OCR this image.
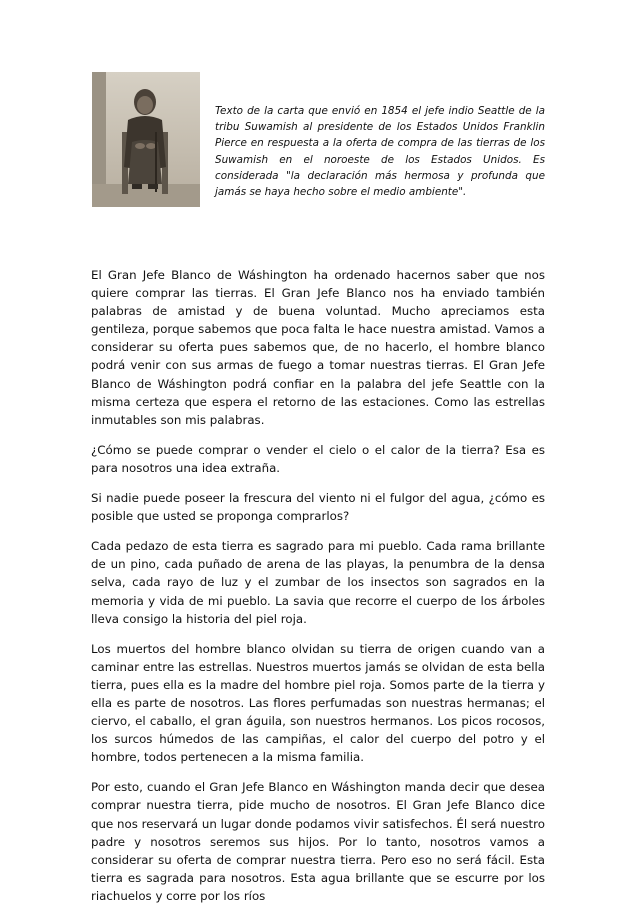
Texto de la carta que envió en 1854 el jefe indio Seattle de la tribu Suwamish al presidente de los Estados Unidos Franklin Pierce en respuesta a la oferta de compra de las tierras de los Suwamish en el noroeste de los Estados Unidos. Es considerada "la declaración más hermosa y profunda que jamás se haya hecho sobre el medio ambiente".

El Gran Jefe Blanco de Wáshington ha ordenado hacernos saber que nos quiere comprar las tierras. El Gran Jefe Blanco nos ha enviado también palabras de amistad y de buena voluntad. Mucho apreciamos esta gentileza, porque sabemos que poca falta le hace nuestra amistad. Vamos a considerar su oferta pues sabemos que, de no hacerlo, el hombre blanco podrá venir con sus armas de fuego a tomar nuestras tierras. El Gran Jefe Blanco de Wáshington podrá confiar en la palabra del jefe Seattle con la misma certeza que espera el retorno de las estaciones. Como las estrellas inmutables son mis palabras.

¿Cómo se puede comprar o vender el cielo o el calor de la tierra? Esa es para nosotros una idea extraña.

Si nadie puede poseer la frescura del viento ni el fulgor del agua, ¿cómo es posible que usted se proponga comprarlos?

Cada pedazo de esta tierra es sagrado para mi pueblo. Cada rama brillante de un pino, cada puñado de arena de las playas, la penumbra de la densa selva, cada rayo de luz y el zumbar de los insectos son sagrados en la memoria y vida de mi pueblo. La savia que recorre el cuerpo de los árboles lleva consigo la historia del piel roja.

Los muertos del hombre blanco olvidan su tierra de origen cuando van a caminar entre las estrellas. Nuestros muertos jamás se olvidan de esta bella tierra, pues ella es la madre del hombre piel roja. Somos parte de la tierra y ella es parte de nosotros. Las flores perfumadas son nuestras hermanas; el ciervo, el caballo, el gran águila, son nuestros hermanos. Los picos rocosos, los surcos húmedos de las campiñas, el calor del cuerpo del potro y el hombre, todos pertenecen a la misma familia.

Por esto, cuando el Gran Jefe Blanco en Wáshington manda decir que desea comprar nuestra tierra, pide mucho de nosotros. El Gran Jefe Blanco dice que nos reservará un lugar donde podamos vivir satisfechos. Él será nuestro padre y nosotros seremos sus hijos. Por lo tanto, nosotros vamos a considerar su oferta de comprar nuestra tierra. Pero eso no será fácil. Esta tierra es sagrada para nosotros. Esta agua brillante que se escurre por los riachuelos y corre por los ríos
